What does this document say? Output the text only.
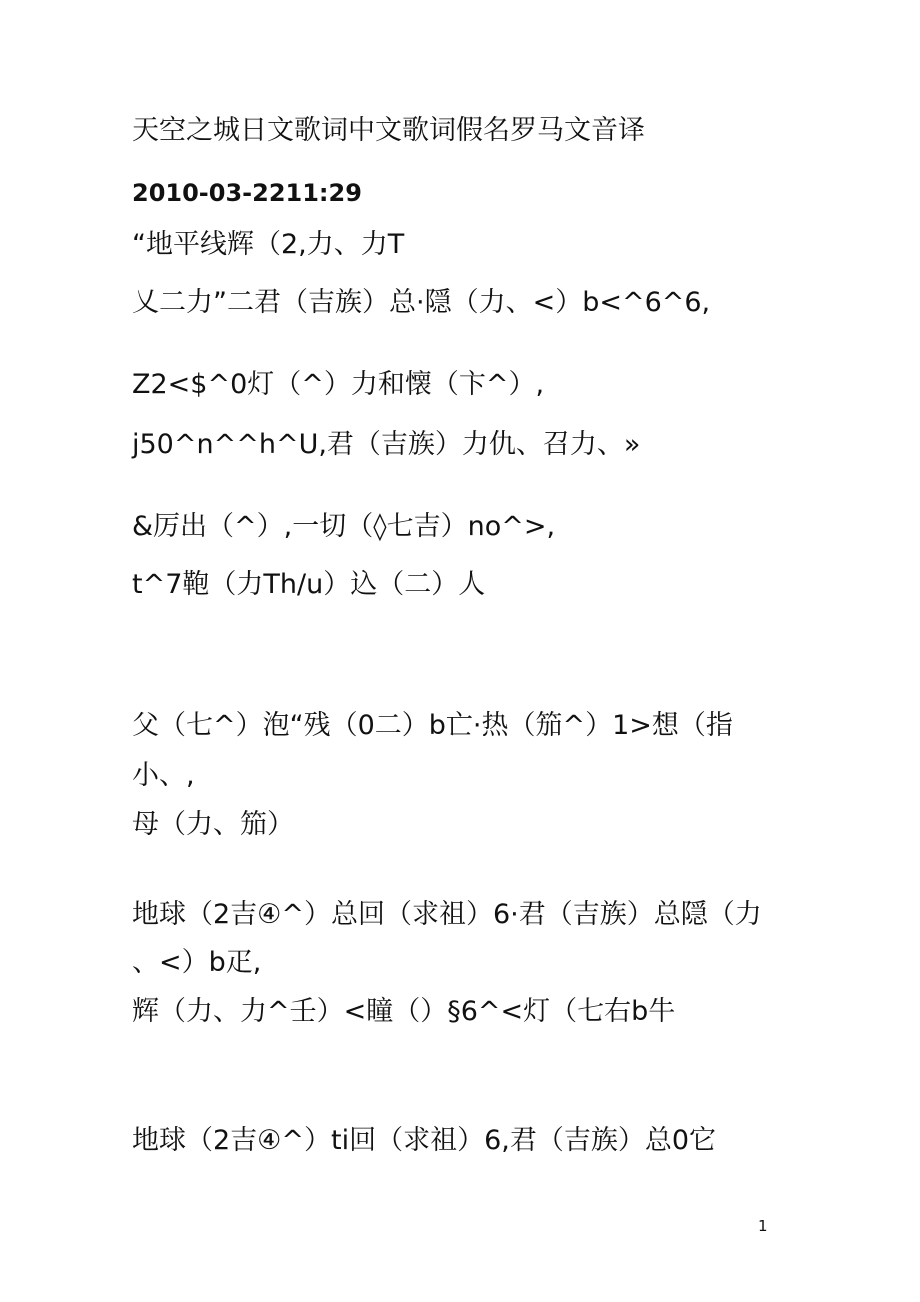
天空之城日文歌词中文歌词假名罗马文音译
2010-03-2211:29
“地平线辉（2,力、力T
乂二力”二君（吉族）总·隠（力、<）b<^6^6,
Z2<$^0灯（^）力和懐（卞^）,
j50^n^^h^U,君（吉族）力仇、召力、»
&厉出（^）,一切（◊七吉）no^>,
t^7鞄（力Th/u）込（二）人
父（七^）泡“残（0二）b亡·热（笳^）1>想（指
小、,
母（力、笳）
地球（2吉④^）总回（求祖）6·君（吉族）总隠（力
、<）b疋,
辉（力、力^壬）<瞳（）§6^<灯（七右b牛
地球（2吉④^）ti回（求祖）6,君（吉族）总0它
1
